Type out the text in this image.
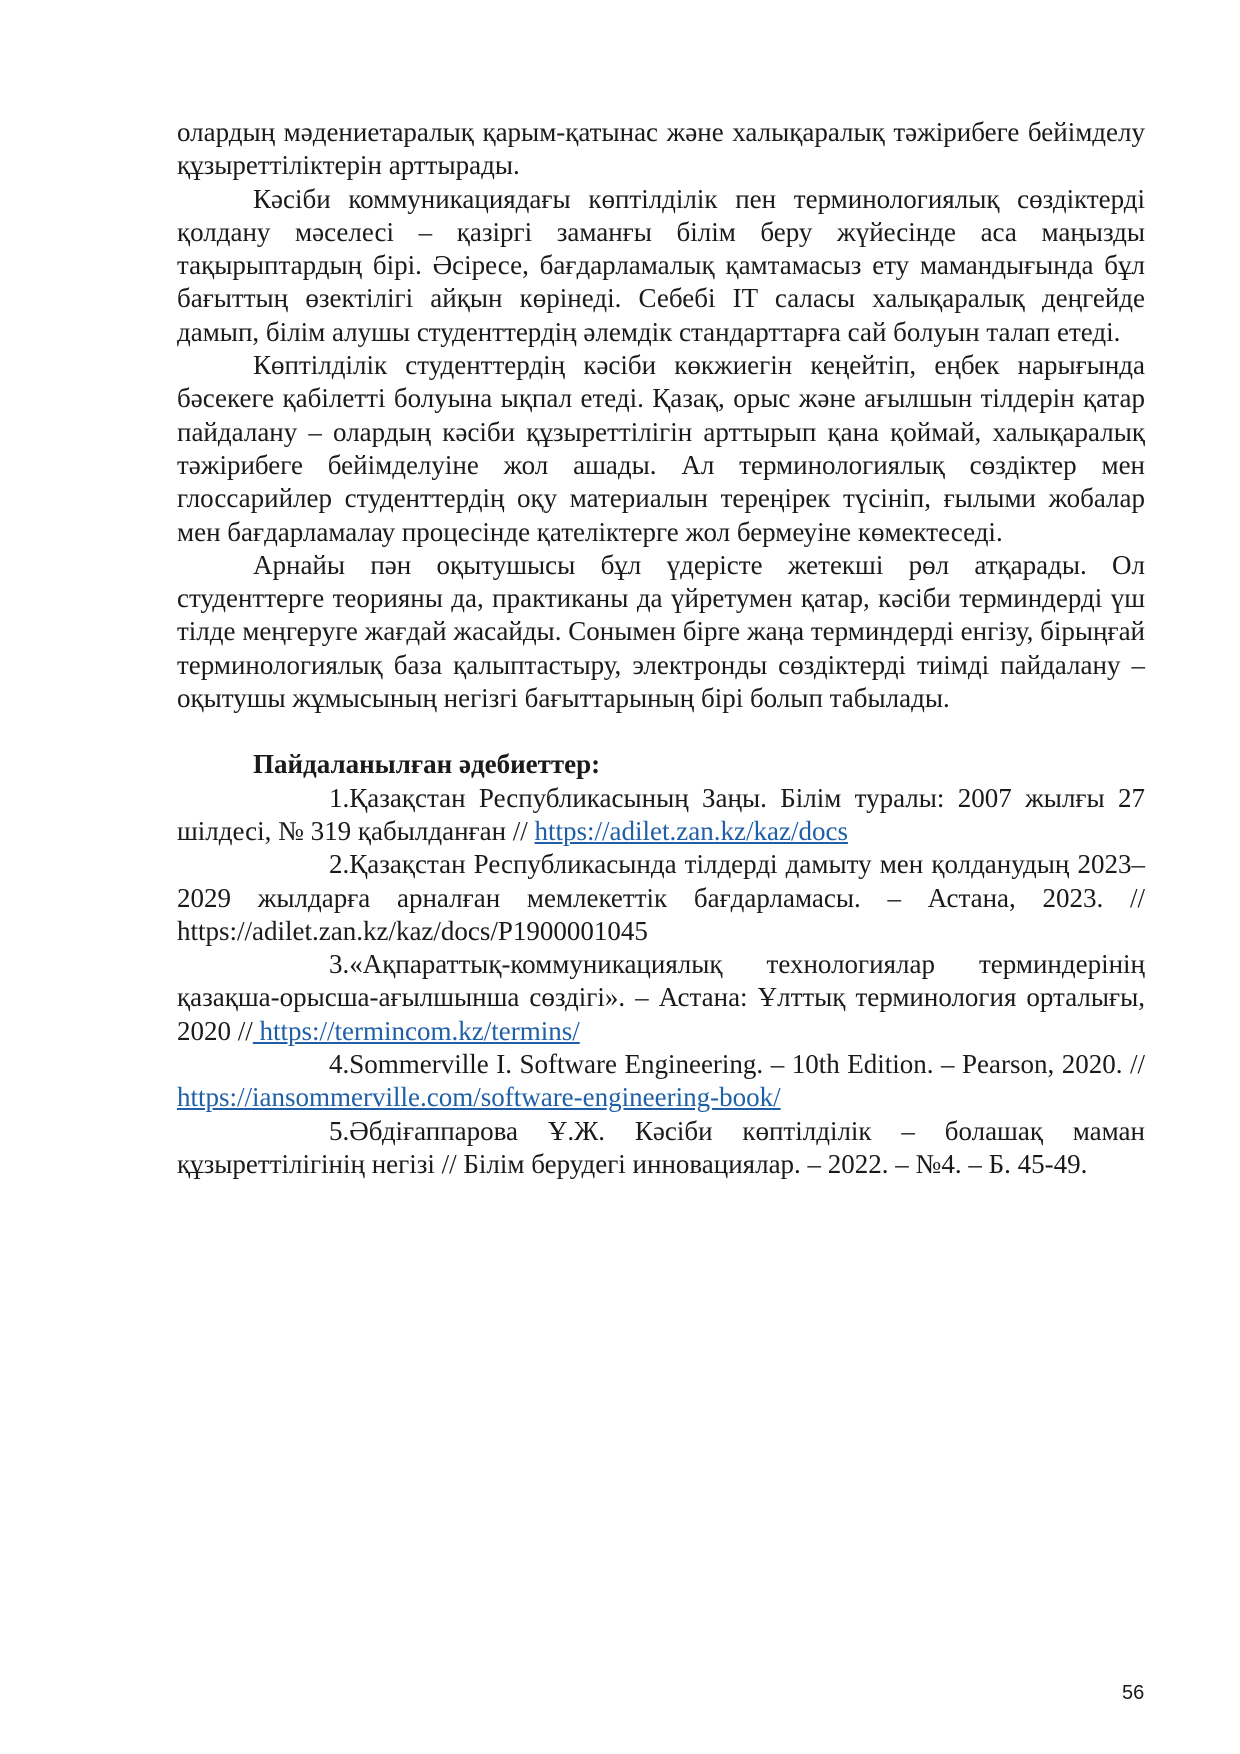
олардың мәдениетаралық қарым-қатынас және халықаралық тәжірибеге бейімделу құзыреттіліктерін арттырады.

Кәсіби коммуникациядағы көптілділік пен терминологиялық сөздіктерді қолдану мәселесі – қазіргі заманғы білім беру жүйесінде аса маңызды тақырыптардың бірі. Әсіресе, бағдарламалық қамтамасыз ету мамандығында бұл бағыттың өзектілігі айқын көрінеді. Себебі IT саласы халықаралық деңгейде дамып, білім алушы студенттердің әлемдік стандарттарға сай болуын талап етеді.

Көптілділік студенттердің кәсіби көкжиегін кеңейтіп, еңбек нарығында бәсекеге қабілетті болуына ықпал етеді. Қазақ, орыс және ағылшын тілдерін қатар пайдалану – олардың кәсіби құзыреттілігін арттырып қана қоймай, халықаралық тәжірибеге бейімделуіне жол ашады. Ал терминологиялық сөздіктер мен глоссарийлер студенттердің оқу материалын тереңірек түсініп, ғылыми жобалар мен бағдарламалау процесінде қателіктерге жол бермеуіне көмектеседі.

Арнайы пән оқытушысы бұл үдерісте жетекші рөл атқарады. Ол студенттерге теорияны да, практиканы да үйретумен қатар, кәсіби терминдерді үш тілде меңгеруге жағдай жасайды. Сонымен бірге жаңа терминдерді енгізу, бірыңғай терминологиялық база қалыптастыру, электронды сөздіктерді тиімді пайдалану – оқытушы жұмысының негізгі бағыттарының бірі болып табылады.

Пайдаланылған әдебиеттер:

1.Қазақстан Республикасының Заңы. Білім туралы: 2007 жылғы 27 шілдесі, № 319 қабылданған // https://adilet.zan.kz/kaz/docs

2.Қазақстан Республикасында тілдерді дамыту мен қолданудың 2023–2029 жылдарға арналған мемлекеттік бағдарламасы. – Астана, 2023. // https://adilet.zan.kz/kaz/docs/P1900001045

3.«Ақпараттық-коммуникациялық технологиялар терминдерінің қазақша-орысша-ағылшынша сөздігі». – Астана: Ұлттық терминология орталығы, 2020 // https://termincom.kz/termins/

4.Sommerville I. Software Engineering. – 10th Edition. – Pearson, 2020. // https://iansommerville.com/software-engineering-book/

5.Әбдіғаппарова Ұ.Ж. Кәсіби көптілділік – болашақ маман құзыреттілігінің негізі // Білім берудегі инновациялар. – 2022. – №4. – Б. 45-49.

56
